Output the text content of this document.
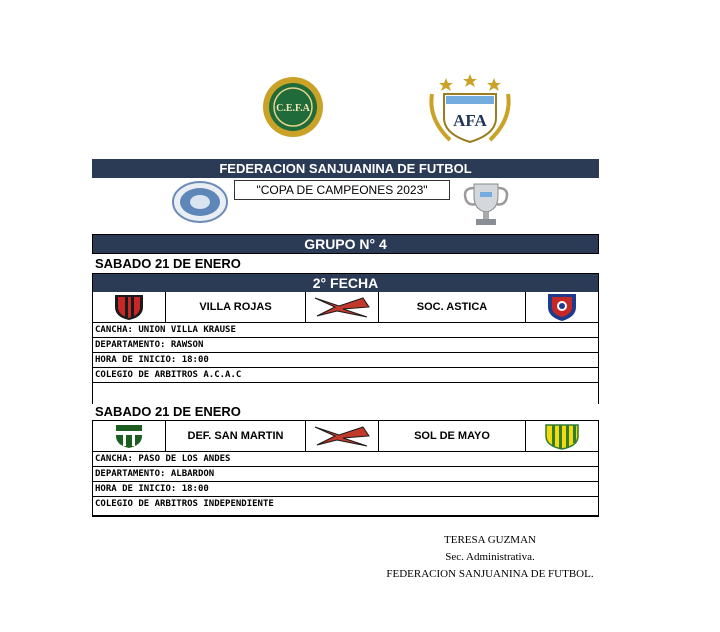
C.E.F.A
AFA
FEDERACION SANJUANINA DE FUTBOL
"COPA DE CAMPEONES 2023"
GRUPO N° 4
SABADO 21 DE ENERO
2° FECHA
VILLA ROJAS	SOC. ASTICA
CANCHA: UNION VILLA KRAUSE
DEPARTAMENTO: RAWSON
HORA DE INICIO: 18:00
COLEGIO DE ARBITROS A.C.A.C
SABADO 21 DE ENERO
DEF. SAN MARTIN	SOL DE MAYO
CANCHA: PASO DE LOS ANDES
DEPARTAMENTO: ALBARDON
HORA DE INICIO: 18:00
COLEGIO DE ARBITROS INDEPENDIENTE
TERESA GUZMAN
Sec. Administrativa.
FEDERACION SANJUANINA DE FUTBOL.
